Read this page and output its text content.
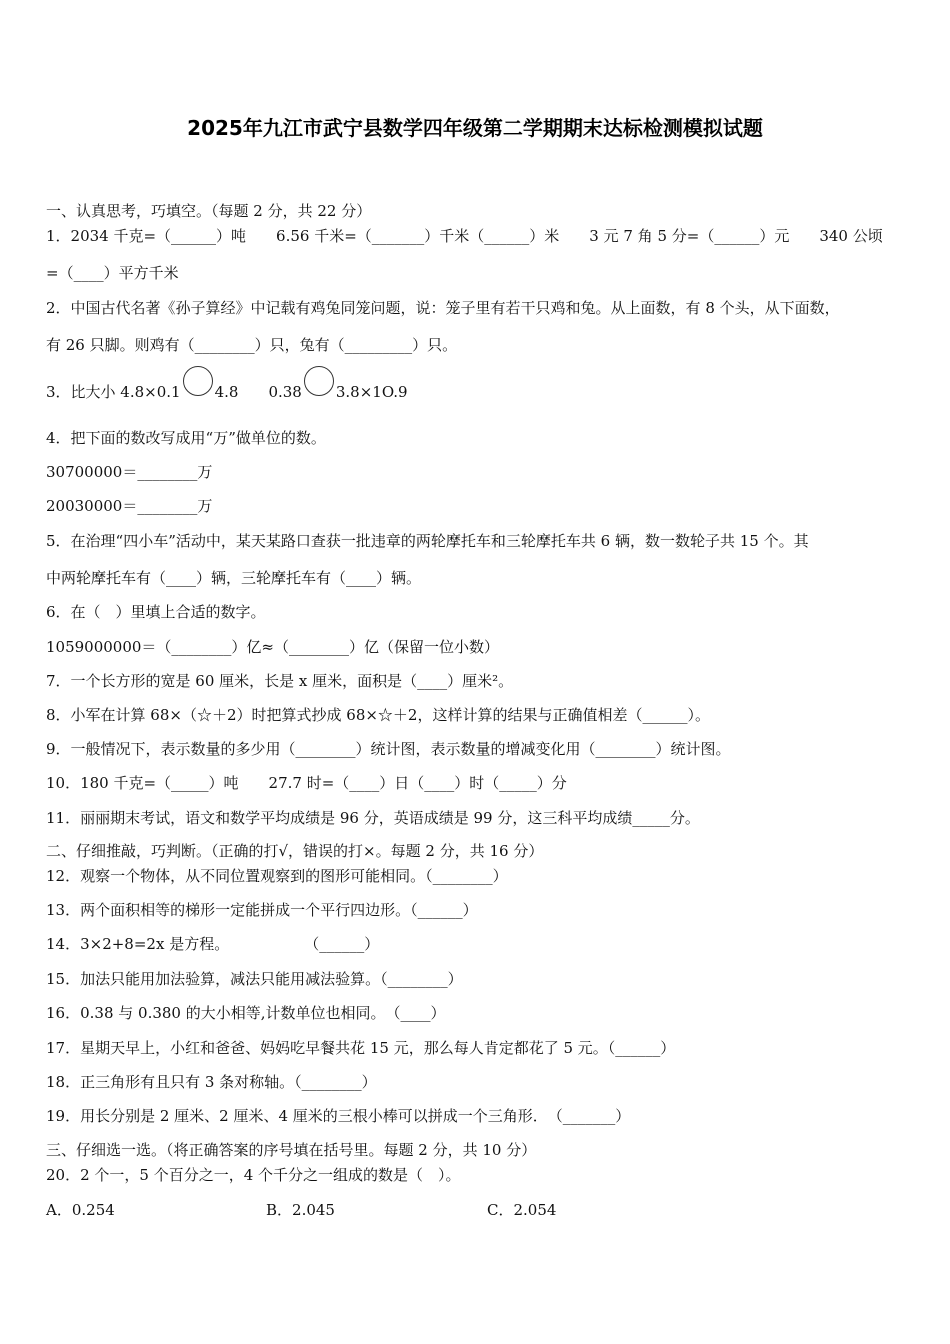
2025年九江市武宁县数学四年级第二学期期末达标检测模拟试题
一、认真思考，巧填空。（每题 2 分，共 22 分）
1．2034 千克=（______）吨　　6.56 千米=（_______）千米（______）米　　3 元 7 角 5 分=（______）元　　340 公顷
=（____）平方千米
2．中国古代名著《孙子算经》中记载有鸡兔同笼问题，说：笼子里有若干只鸡和兔。从上面数，有 8 个头，从下面数，
有 26 只脚。则鸡有（________）只，兔有（_________）只。
3．比大小 4.8×0.1 4.8　　0.38 3.8×1O.9
4．把下面的数改写成用“万”做单位的数。
30700000＝________万
20030000＝________万
5．在治理“四小车”活动中，某天某路口查获一批违章的两轮摩托车和三轮摩托车共 6 辆，数一数轮子共 15 个。其
中两轮摩托车有（____）辆，三轮摩托车有（____）辆。
6．在（　）里填上合适的数字。
1059000000＝（________）亿≈（________）亿（保留一位小数）
7．一个长方形的宽是 60 厘米，长是 x 厘米，面积是（____）厘米²。
8．小军在计算 68×（☆＋2）时把算式抄成 68×☆＋2，这样计算的结果与正确值相差（______）。
9．一般情况下，表示数量的多少用（________）统计图，表示数量的增减变化用（________）统计图。
10．180 千克=（_____）吨　　27.7 时=（____）日（____）时（_____）分
11．丽丽期末考试，语文和数学平均成绩是 96 分，英语成绩是 99 分，这三科平均成绩_____分。
二、仔细推敲，巧判断。（正确的打√，错误的打×。每题 2 分，共 16 分）
12．观察一个物体，从不同位置观察到的图形可能相同。（________）
13．两个面积相等的梯形一定能拼成一个平行四边形。（______）
14．3×2+8=2x 是方程。　　　　　　（______）
15．加法只能用加法验算，减法只能用减法验算。（________）
16．0.38 与 0.380 的大小相等,计数单位也相同。　（____）
17．星期天早上，小红和爸爸、妈妈吃早餐共花 15 元，那么每人肯定都花了 5 元。（______）
18．正三角形有且只有 3 条对称轴。（________）
19．用长分别是 2 厘米、2 厘米、4 厘米的三根小棒可以拼成一个三角形．　（_______）
三、仔细选一选。（将正确答案的序号填在括号里。每题 2 分，共 10 分）
20．2 个一，5 个百分之一，4 个千分之一组成的数是（　）。
A．0.254	B．2.045	C．2.054
